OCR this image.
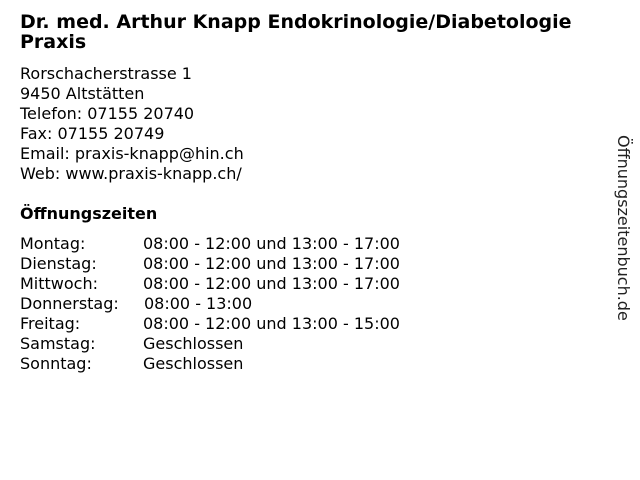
Dr. med. Arthur Knapp Endokrinologie/Diabetologie Praxis
Rorschacherstrasse 1
9450 Altstätten
Telefon: 07155 20740
Fax: 07155 20749
Email: praxis-knapp@hin.ch
Web: www.praxis-knapp.ch/
Öffnungszeiten
Montag:	08:00 - 12:00 und 13:00 - 17:00
Dienstag:	08:00 - 12:00 und 13:00 - 17:00
Mittwoch:	08:00 - 12:00 und 13:00 - 17:00
Donnerstag: 08:00 - 13:00
Freitag:	08:00 - 12:00 und 13:00 - 15:00
Samstag:	Geschlossen
Sonntag:	Geschlossen
Öffnungszeitenbuch.de
